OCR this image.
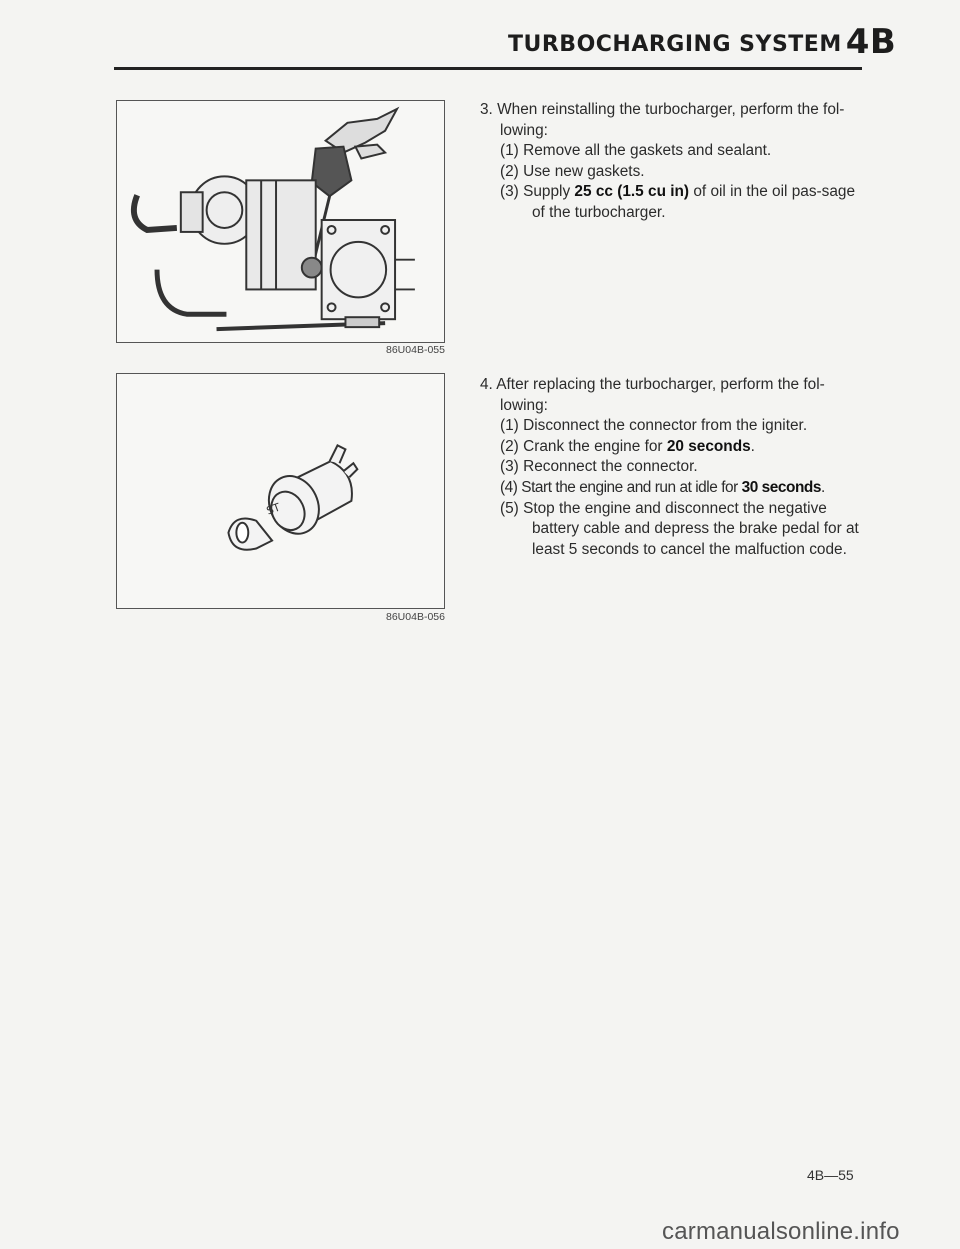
TURBOCHARGING SYSTEM 4B
86U04B-055
ST
86U04B-056

3. When reinstalling the turbocharger, perform the fol-lowing:

(1) Remove all the gaskets and sealant.

(2) Use new gaskets.

(3) Supply 25 cc (1.5 cu in) of oil in the oil pas-sage of the turbocharger.

4. After replacing the turbocharger, perform the fol-lowing:

(1) Disconnect the connector from the igniter.

(2) Crank the engine for 20 seconds.

(3) Reconnect the connector.

(4) Start the engine and run at idle for 30 seconds.

(5) Stop the engine and disconnect the negative battery cable and depress the brake pedal for at least 5 seconds to cancel the malfuction code.

4B—55
carmanualsonline.info
